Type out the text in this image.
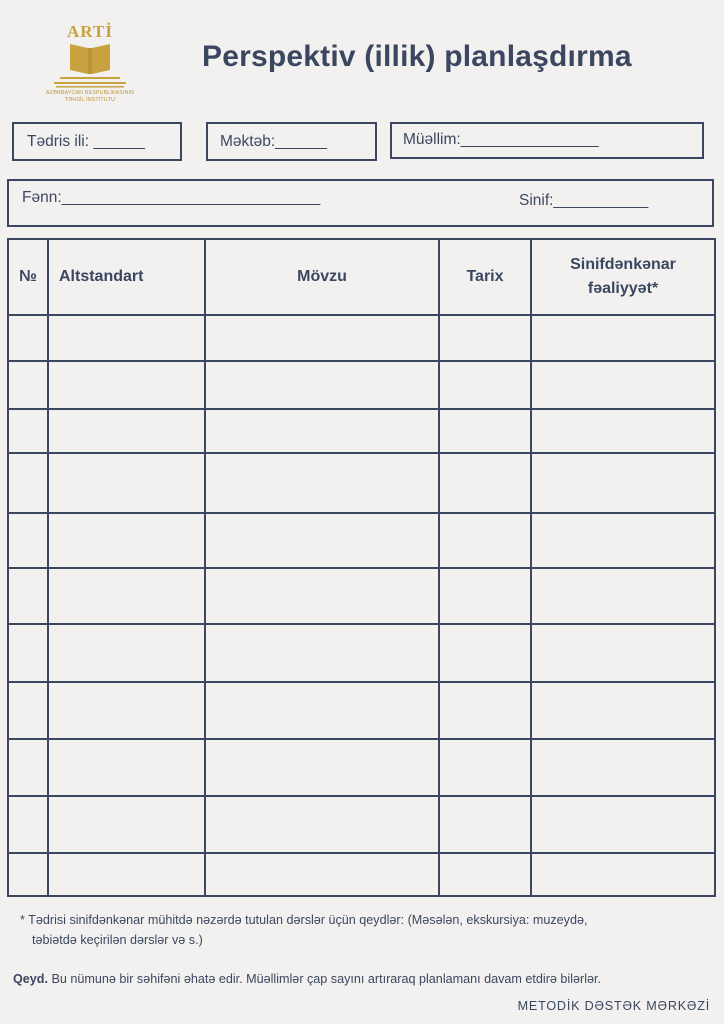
ARTİ
AZƏRBAYCAN RESPUBLİKASININ
TƏHSİL İNSTİTUTU
Perspektiv (illik) planlaşdırma
Tədris ili: ______	Məktəb:______	Müəllim:________________
Fənn:______________________________	Sinif:___________
№	Altstandart	Mövzu	Tarix	Sinifdənkənar fəaliyyət*

* Tədrisi sinifdənkənar mühitdə nəzərdə tutulan dərslər üçün qeydlər: (Məsələn, ekskursiya: muzeydə,
təbiətdə keçirilən dərslər və s.)
Qeyd. Bu nümunə bir səhifəni əhatə edir. Müəllimlər çap sayını artıraraq planlamanı davam etdirə bilərlər.
METODİK DƏSTƏK MƏRKƏZİ
